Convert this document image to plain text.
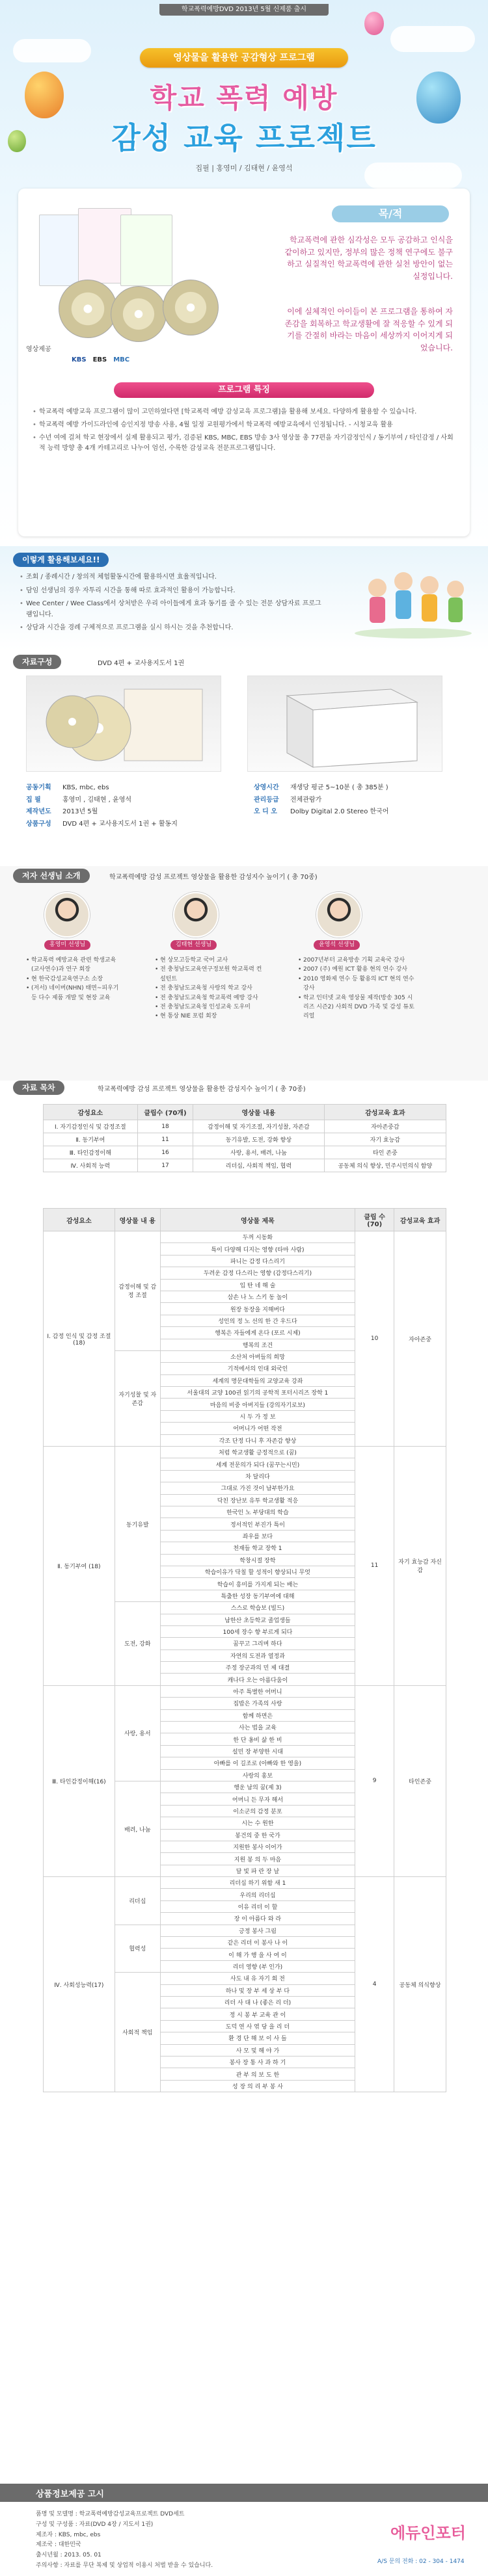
학교폭력예방DVD 2013년 5월 신제품 출시
영상물을 활용한 공감형상 프로그램
학교 폭력 예방
감성 교육 프로젝트
집필 | 홍영미 / 김태현 / 윤영석
목/적
학교폭력에 관한 심각성은 모두 공감하고 인식을 같이하고 있지만, 정부의 많은 정책 연구에도 불구하고 실질적인 학교폭력에 관한 실천 방안이 없는 실정입니다.
이에 실체적인 아이들이 본 프로그램을 통하여 자존감을 회복하고 학교생활에 잘 적응할 수 있게 되기를 간절히 바라는 마음이 세상까지 이어지게 되었습니다.
영상제공
KBS EBS MBC
프로그램 특징
• 학교폭력 예방교육 프로그램이 많이 고민하였다면 [학교폭력 예방 감성교육 프로그램]을 활용해 보세요. 다양하게 활용할 수 있습니다.
• 학교폭력 예방 가이드라인에 승인지정 방송 사용, 4월 일정 교원평가에서 학교폭력 예방교육에서 인정됩니다. - 시청교육 활용
• 수년 여에 걸쳐 학교 현장에서 실제 활용되고 평가, 검증된 KBS, MBC, EBS 방송 3사 영상물 총 77편을 자기감정인식 / 동기부여 / 타인감정 / 사회적 능력 방향 총 4개 카테고리로 나누어 엄선, 수록한 감성교육 전문프로그램입니다.
이렇게 활용해보세요!!
• 조회 / 종례시간 / 창의적 체험활동시간에 활용하시면 효율적입니다.
• 담임 선생님의 경우 자투리 시간을 통해 따로 효과적인 활용이 가능합니다.
• Wee Center / Wee Class에서 상처받은 우리 아이들에게 효과 동기를 줄 수 있는 전문 상담자료 프로그램입니다.
• 상담과 시간을 경례 구체적으로 프로그램을 실시 하시는 것을 추천합니다.
자료구성	DVD 4편 + 교사용지도서 1권
공동기획 KBS, mbc, ebs
집 필	홍영미 , 김태현 , 윤영석
제작년도 2013년 5월
상품구성 DVD 4편 + 교사용지도서 1권 + 활동지
상영시간 재생당 평균 5~10분 ( 총 385분 )
관리등급 전체관람가
오 디 오 Dolby Digital 2.0 Stereo 한국어
저자 선생님 소개	학교폭력예방 감성 프로젝트 영상물을 활용한 감성지수 높이기 ( 총 70종)
홍영미 선생님
• 학교폭력 예방교육 관련 학생교육(교사연수)과 연구 회장
• 현 한국감성교육연구소 소장
• (저서) 네이버(NHN) 태면~피우기 등 다수 제품 개발 및 현장 교육
김태현 선생님
• 현 상모고등학교 국어 교사
• 전 충청남도교육연구정보원 학교폭력 컨설턴트
• 전 충청남도교육청 사랑의 학교 강사
• 전 충청남도교육청 학교폭력 예방 강사
• 전 충청남도교육청 인성교육 도우미
• 현 통상 NIE 포럼 회장
윤영석 선생님
• 2007년부터 교육방송 기획 교육국 강사
• 2007 (주) 예원 ICT 활용 현의 연수 강사
• 2010 영화제 연수 등 활용의 ICT 현의 연수 강사
• 학교 인터넷 교육 영상물 제작(방송 305 시리즈 시즌2) 사회적 DVD 가족 및 감성 튜토리얼
자료 목차	학교폭력예방 감성 프로젝트 영상물을 활용한 감성지수 높이기 ( 총 70종)
감성요소	클립수 (70개)	영상물 내용	감성교육 효과
Ⅰ. 자기감정인식 및 감정조절	18	감정이해 및 자기조절, 자기성찰, 자존감	자아존중감
Ⅱ. 동기부여	11	동기유발, 도전, 강화 향상	자기 효능감
Ⅲ. 타인감정이해	16	사랑, 용서, 배려, 나눔	타인 존중
Ⅳ. 사회적 능력	17	리더십, 사회적 책임, 협력	공동체 의식 향상, 민주시민의식 함양
감성요소	영상물 내 용	영상물 제목	클립 수 (70)	감성교육 효과
Ⅰ. 감정 인식 및 감정 조절 (18)	감정이해 및 감정 조절	두꺼 시동화	10	자아존중
		특이 다양해 디지는 영향 (타마 사람)		
		파니는 감정 다스리기		
		두려운 감정 다스리는 영향 (감정다스리기)		
		입 탄 네 해 술		
		삼손 나 노 스키 동 놀이		
		원장 동장을 지해버다		
		성인의 정 노 선의 한 간 우드다		
		행복은 자들에게 온다 (포르 시제)		
		행복의 조건		
	자기성찰 및 자존감	소산처 아버들의 희망		
		기적에서의 인대 외국인		
		세계의 명문대학들의 교양교육 강좌		
		서울대의 교양 100권 읽기의 공학적 포터시리즈 장학 1		
		마음의 비중 아버지들 (강의자기로보)		
		시 두 가 정 보		
		어머니가 어떤 작전		
		각조 단정 다니 후 자존감 향상		
Ⅱ. 동기부여 (18)	동기유발	처럼 학교생활 긍정적으로 (꿈)	11	자기 효능감 자신감
		세계 전문의가 되다 (꿈꾸는시민)		
		차 달리다		
		그대로 가진 것이 남부한가요		
		닥친 장난보 유투 학교생활 적응		
		한국인 노 부당대의 학습		
		정서적인 부진가 특이		
		좌우를 보다		
		천재들 학교 장학 1		
		학창시절 장학		
		학습이유가 닥칠 할 성적이 향상되니 무엇		
		학습이 흥미를 가지게 되는 배는		
		특출한 성장 동기부여에 대해		
	도전, 강화	스스로 학습보 (빌드)		
		남한산 초등학교 졸업생들		
		100세 장수 향 부르게 되다		
		꿈꾸고 그리며 하다		
		자연의 도전과 열정과		
		주정 장군과의 민 제 대결		
		캐나다 오는 아름다움이		
Ⅲ. 타인감정이해(16)	사랑, 용서	아주 특별한 어머니	9	타인존중
		집밥은 가족의 사랑		
		함께 하면은		
		사는 법을 교육		
		한 단 옹비 삶 한 비		
		설민 장 부양한 시대		
		아빠를 이 길조로 (아빠와 한 영을)		
		사랑의 홍보		
	배려, 나눔	행운 남의 꿈(제 3)		
		어머니 든 무자 해서		
		이소군의 감정 분포		
		시는 수 원한		
		봉건의 중 한 국가		
		지원한 봉사 이어가		
		지원 봉 의 두 마음		
		달 빛 파 란 장 날		
Ⅳ. 사회성능력(17)	리더십	리더십 하기 위함 새 1	4	공동체 의식향상
		우리의 리더십		
		이유 리더 이 할		
		장 이 아름다 와 라		
	협력성	긍정 봉사 그림		
		같은 리더 이 봉사 나 이		
		이 해 가 행 을 사 여 이		
		리더 영향 (부 인가)		
	사회적 책임	사도 내 유 자기 회 전		
		하나 및 장 부 세 상 부 다		
		리더 사 대 나 (좋은 리 더)		
		정 시 봉 부 교육 관 이		
		도덕 연 사 엮 당 을 리 더		
		환 경 단 해 보 이 사 들		
		사 모 및 해 야 가		
		봉사 장 통 사 과 하 기		
		관 부 의 보 도 한		
		성 장 의 리 부 봉 사		
상품정보제공 고시
품명 및 모델명 : 학교폭력예방감성교육프로젝트 DVD세트
구성 및 구성품 : 자료(DVD 4장 / 지도서 1권)
제조자 : KBS, mbc, ebs
제조국 : 대한민국
출시년월 : 2013. 05. 01
주의사항 : 자료를 무단 복제 및 상업적 이용시 처벌 받을 수 있습니다.
에듀인포터
A/S 문의 전화 : 02 - 304 - 1474
